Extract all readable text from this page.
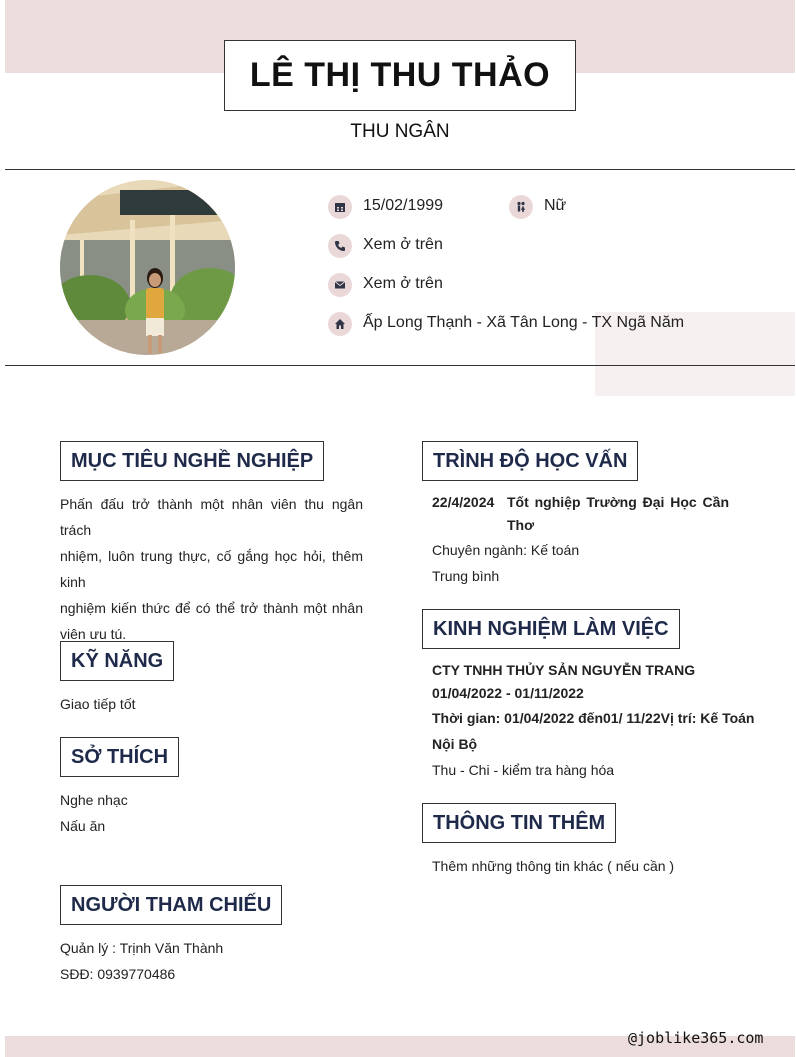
LÊ THỊ THU THẢO
THU NGÂN
15/02/1999	Nữ
Xem ở trên
Xem ở trên
Ấp Long Thạnh - Xã Tân Long - TX Ngã Năm
MỤC TIÊU NGHỀ NGHIỆP
Phấn đấu trở thành một nhân viên thu ngân trách
nhiệm, luôn trung thực, cố gắng học hỏi, thêm
kinh
nghiệm kiến thức để có thể trở thành một nhân
viên ưu tú.
KỸ NĂNG
Giao tiếp tốt
SỞ THÍCH
Nghe nhạc
Nấu ăn
NGƯỜI THAM CHIẾU
Quản lý : Trịnh Văn Thành
SĐĐ: 0939770486
TRÌNH ĐỘ HỌC VẤN
22/4/2024 Tốt nghiệp Trường Đại Học Cần
Thơ
Chuyên ngành: Kế toán
Trung bình
KINH NGHIỆM LÀM VIỆC
CTY TNHH THỦY SẢN NGUYỄN TRANG
01/04/2022 - 01/11/2022
Thời gian: 01/04/2022 đến01/ 11/22Vị trí: Kế Toán
Nội Bộ
Thu - Chi - kiểm tra hàng hóa
THÔNG TIN THÊM
Thêm những thông tin khác ( nếu cần )
@joblike365.com
